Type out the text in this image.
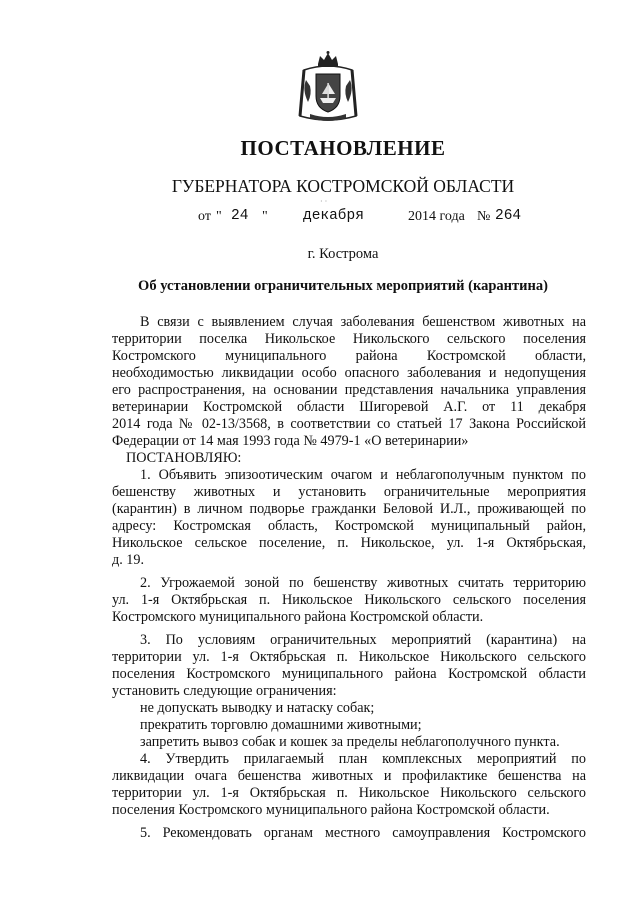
ПОСТАНОВЛЕНИЕ
ГУБЕРНАТОРА КОСТРОМСКОЙ ОБЛАСТИ
· ·
от " 24 " декабря	2014 года № 264
г. Кострома
Об установлении ограничительных мероприятий (карантина)
В связи с выявлением случая заболевания бешенством животных на
территории поселка Никольское Никольского сельского поселения
Костромского муниципального района Костромской области,
необходимостью ликвидации особо опасного заболевания и недопущения
его распространения, на основании представления начальника управления
ветеринарии Костромской области Шигоревой А.Г. от 11 декабря
2014 года № 02-13/3568, в соответствии со статьей 17 Закона Российской
Федерации от 14 мая 1993 года № 4979-1 «О ветеринарии»
ПОСТАНОВЛЯЮ:
1. Объявить эпизоотическим очагом и неблагополучным пунктом по
бешенству животных и установить ограничительные мероприятия
(карантин) в личном подворье гражданки Беловой И.Л., проживающей по
адресу: Костромская область, Костромской муниципальный район,
Никольское сельское поселение, п. Никольское, ул. 1-я Октябрьская,
д. 19.
2. Угрожаемой зоной по бешенству животных считать территорию
ул. 1-я Октябрьская п. Никольское Никольского сельского поселения
Костромского муниципального района Костромской области.
3. По условиям ограничительных мероприятий (карантина) на
территории ул. 1-я Октябрьская п. Никольское Никольского сельского
поселения Костромского муниципального района Костромской области
установить следующие ограничения:
не допускать выводку и натаску собак;
прекратить торговлю домашними животными;
запретить вывоз собак и кошек за пределы неблагополучного пункта.
4. Утвердить прилагаемый план комплексных мероприятий по
ликвидации очага бешенства животных и профилактике бешенства на
территории ул. 1-я Октябрьская п. Никольское Никольского сельского
поселения Костромского муниципального района Костромской области.
5. Рекомендовать органам местного самоуправления Костромского
